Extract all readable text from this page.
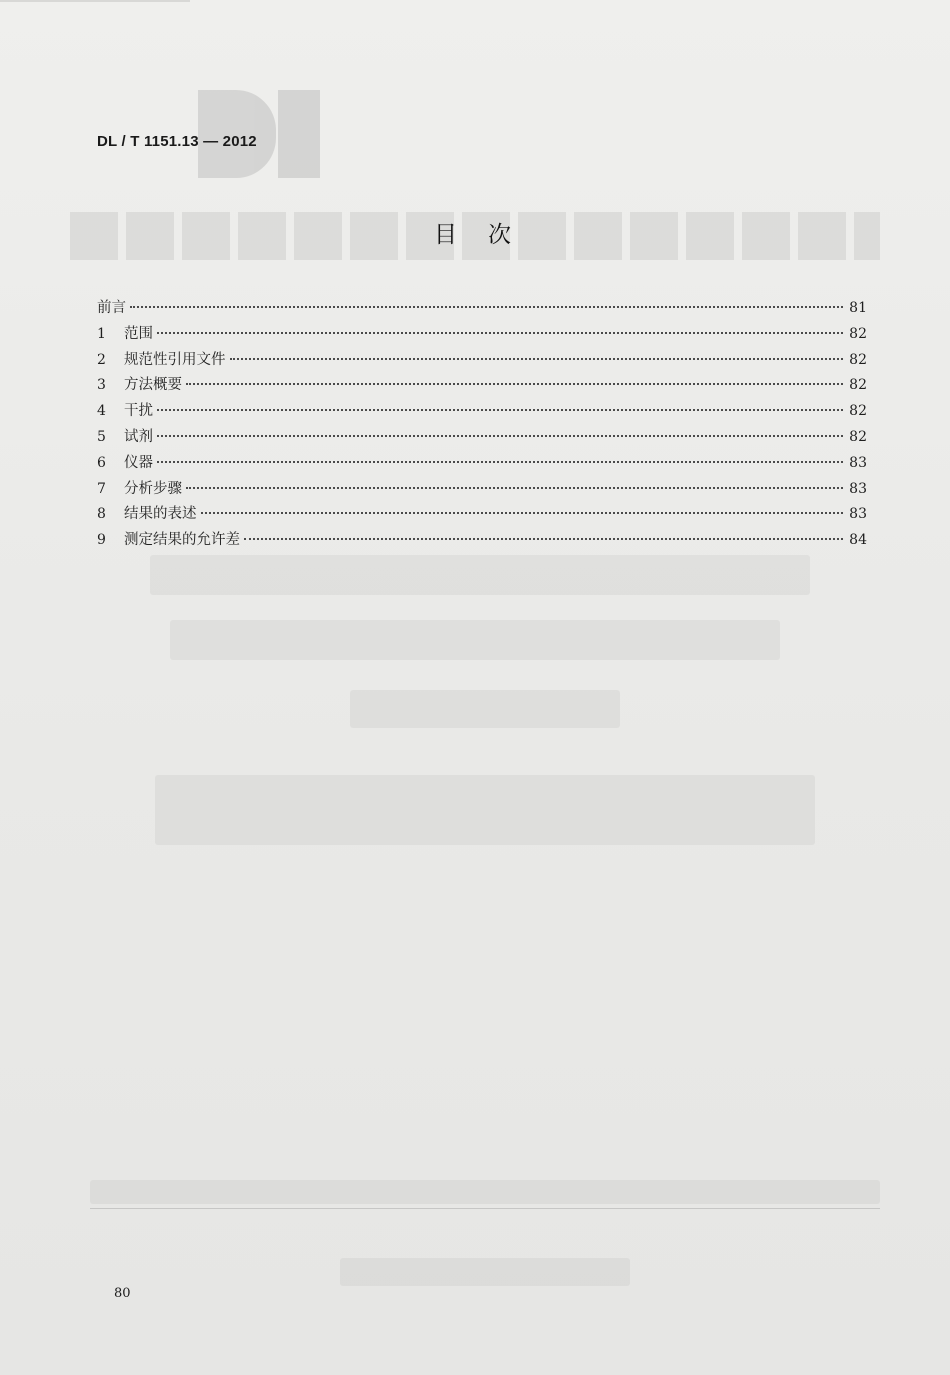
DL / T 1151.13 — 2012
目 次
前言	81
1	范围	82
2	规范性引用文件	82
3	方法概要	82
4	干扰	82
5	试剂	82
6	仪器	83
7	分析步骤	83
8	结果的表述	83
9	测定结果的允许差	84
80
